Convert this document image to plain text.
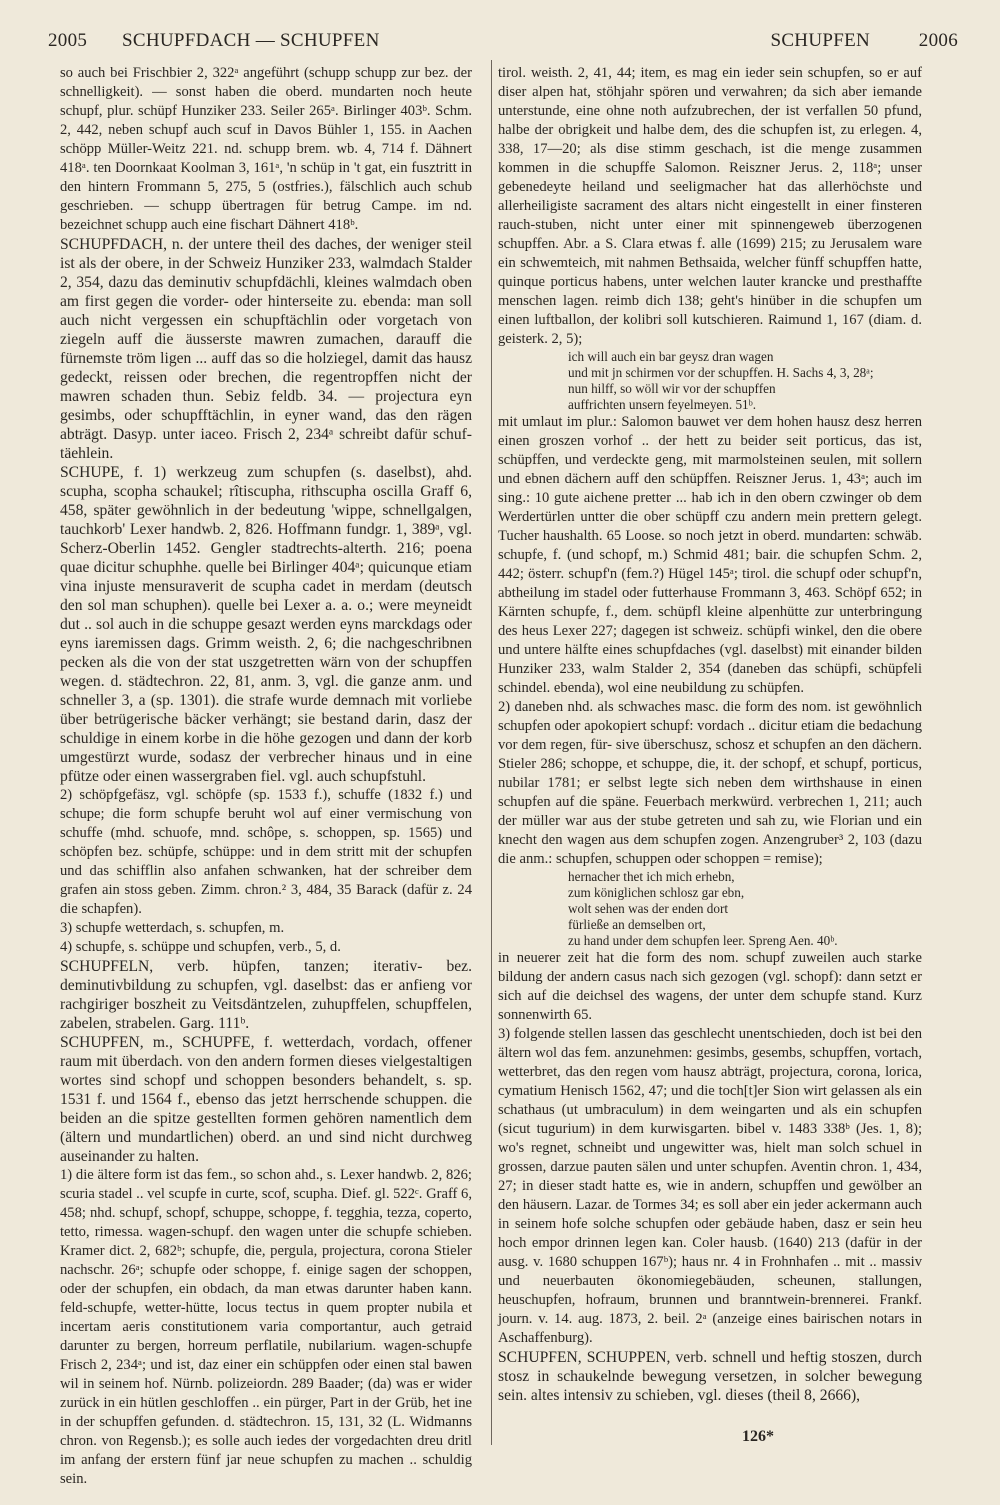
2005 SCHUPFDACH — SCHUPFEN	SCHUPFEN	2006

so auch bei Frischbier 2, 322ᵃ angeführt (schupp schupp zur bez. der schnelligkeit). — sonst haben die oberd. mundarten noch heute schupf, plur. schüpf Hunziker 233. Seiler 265ᵃ. Birlinger 403ᵇ. Schm. 2, 442, neben schupf auch scuf in Davos Bühler 1, 155. in Aachen schöpp Müller-Weitz 221. nd. schupp brem. wb. 4, 714 f. Dähnert 418ᵃ. ten Doornkaat Koolman 3, 161ᵃ, 'n schüp in 't gat, ein fusztritt in den hintern Frommann 5, 275, 5 (ostfries.), fälschlich auch schub geschrieben. — schupp übertragen für betrug Campe. im nd. bezeichnet schupp auch eine fischart Dähnert 418ᵇ.

SCHUPFDACH, n. der untere theil des daches, der weniger steil ist als der obere, in der Schweiz Hunziker 233, walmdach Stalder 2, 354, dazu das deminutiv schupfdächli, kleines walmdach oben am first gegen die vorder- oder hinterseite zu. ebenda: man soll auch nicht vergessen ein schupftächlin oder vorgetach von ziegeln auff die äusserste mawren zumachen, darauff die fürnemste tröm ligen ... auff das so die holziegel, damit das hausz gedeckt, reissen oder brechen, die regentropffen nicht der mawren schaden thun. Sebiz feldb. 34. — projectura eyn gesimbs, oder schupfftächlin, in eyner wand, das den rägen abträgt. Dasyp. unter iaceo. Frisch 2, 234ᵃ schreibt dafür schuf-täehlein.

SCHUPE, f. 1) werkzeug zum schupfen (s. daselbst), ahd. scupha, scopha schaukel; rîtiscupha, rithscupha oscilla Graff 6, 458, später gewöhnlich in der bedeutung 'wippe, schnellgalgen, tauchkorb' Lexer handwb. 2, 826. Hoffmann fundgr. 1, 389ᵃ, vgl. Scherz-Oberlin 1452. Gengler stadtrechts-alterth. 216; poena quae dicitur schuphhe. quelle bei Birlinger 404ᵃ; quicunque etiam vina injuste mensuraverit de scupha cadet in merdam (deutsch den sol man schuphen). quelle bei Lexer a. a. o.; were meyneidt dut .. sol auch in die schuppe gesazt werden eyns marckdags oder eyns iaremissen dags. Grimm weisth. 2, 6; die nachgeschribnen pecken als die von der stat uszgetretten wärn von der schupffen wegen. d. städtechron. 22, 81, anm. 3, vgl. die ganze anm. und schneller 3, a (sp. 1301). die strafe wurde demnach mit vorliebe über betrügerische bäcker verhängt; sie bestand darin, dasz der schuldige in einem korbe in die höhe gezogen und dann der korb umgestürzt wurde, sodasz der verbrecher hinaus und in eine pfütze oder einen wassergraben fiel. vgl. auch schupfstuhl.

2) schöpfgefäsz, vgl. schöpfe (sp. 1533 f.), schuffe (1832 f.) und schupe; die form schupfe beruht wol auf einer vermischung von schuffe (mhd. schuofe, mnd. schôpe, s. schoppen, sp. 1565) und schöpfen bez. schüpfe, schüppe: und in dem stritt mit der schupfen und das schifflin also anfahen schwanken, hat der schreiber dem grafen ain stoss geben. Zimm. chron.² 3, 484, 35 Barack (dafür z. 24 die schapfen).

3) schupfe wetterdach, s. schupfen, m.

4) schupfe, s. schüppe und schupfen, verb., 5, d.

SCHUPFELN, verb. hüpfen, tanzen; iterativ- bez. deminutivbildung zu schupfen, vgl. daselbst: das er anfieng vor rachgiriger boszheit zu Veitsdäntzelen, zuhupffelen, schupffelen, zabelen, strabelen. Garg. 111ᵇ.

SCHUPFEN, m., SCHUPFE, f. wetterdach, vordach, offener raum mit überdach. von den andern formen dieses vielgestaltigen wortes sind schopf und schoppen besonders behandelt, s. sp. 1531 f. und 1564 f., ebenso das jetzt herrschende schuppen. die beiden an die spitze gestellten formen gehören namentlich dem (ältern und mundartlichen) oberd. an und sind nicht durchweg auseinander zu halten.

1) die ältere form ist das fem., so schon ahd., s. Lexer handwb. 2, 826; scuria stadel .. vel scupfe in curte, scof, scupha. Dief. gl. 522ᶜ. Graff 6, 458; nhd. schupf, schopf, schuppe, schoppe, f. tegghia, tezza, coperto, tetto, rimessa. wagen-schupf. den wagen unter die schupfe schieben. Kramer dict. 2, 682ᵇ; schupfe, die, pergula, projectura, corona Stieler nachschr. 26ᵃ; schupfe oder schoppe, f. einige sagen der schoppen, oder der schupfen, ein obdach, da man etwas darunter haben kann. feld-schupfe, wetter-hütte, locus tectus in quem propter nubila et incertam aeris constitutionem varia comportantur, auch getraid darunter zu bergen, horreum perflatile, nubilarium. wagen-schupfe Frisch 2, 234ᵃ; und ist, daz einer ein schüppfen oder einen stal bawen wil in seinem hof. Nürnb. polizeiordn. 289 Baader; (da) was er wider zurück in ein hütlen geschloffen .. ein pürger, Part in der Grüb, het ine in der schupffen gefunden. d. städtechron. 15, 131, 32 (L. Widmanns chron. von Regensb.); es solle auch iedes der vorgedachten dreu dritl im anfang der erstern fünf jar neue schupfen zu machen .. schuldig sein.

tirol. weisth. 2, 41, 44; item, es mag ein ieder sein schupfen, so er auf diser alpen hat, stöhjahr spören und verwahren; da sich aber iemande unterstunde, eine ohne noth aufzubrechen, der ist verfallen 50 pfund, halbe der obrigkeit und halbe dem, des die schupfen ist, zu erlegen. 4, 338, 17—20; als dise stimm geschach, ist die menge zusammen kommen in die schupffe Salomon. Reiszner Jerus. 2, 118ᵃ; unser gebenedeyte heiland und seeligmacher hat das allerhöchste und allerheiligiste sacrament des altars nicht eingestellt in einer finsteren rauch-stuben, nicht unter einer mit spinnengeweb überzogenen schupffen. Abr. a S. Clara etwas f. alle (1699) 215; zu Jerusalem ware ein schwemteich, mit nahmen Bethsaida, welcher fünff schupffen hatte, quinque porticus habens, unter welchen lauter krancke und presthaffte menschen lagen. reimb dich 138; geht's hinüber in die schupfen um einen luftballon, der kolibri soll kutschieren. Raimund 1, 167 (diam. d. geisterk. 2, 5);

ich will auch ein bar geysz dran wagen
und mit jn schirmen vor der schupffen. H. Sachs 4, 3, 28ᵃ;
nun hilff, so wöll wir vor der schupffen
auffrichten unsern feyelmeyen. 51ᵇ.

mit umlaut im plur.: Salomon bauwet ver dem hohen hausz desz herren einen groszen vorhof .. der hett zu beider seit porticus, das ist, schüpffen, und verdeckte geng, mit marmolsteinen seulen, mit sollern und ebnen dächern auff den schüpffen. Reiszner Jerus. 1, 43ᵃ; auch im sing.: 10 gute aichene pretter ... hab ich in den obern czwinger ob dem Werdertürlen untter die ober schüpff czu andern mein prettern gelegt. Tucher haushalth. 65 Loose. so noch jetzt in oberd. mundarten: schwäb. schupfe, f. (und schopf, m.) Schmid 481; bair. die schupfen Schm. 2, 442; österr. schupf'n (fem.?) Hügel 145ᵃ; tirol. die schupf oder schupf'n, abtheilung im stadel oder futterhause Frommann 3, 463. Schöpf 652; in Kärnten schupfe, f., dem. schüpfl kleine alpenhütte zur unterbringung des heus Lexer 227; dagegen ist schweiz. schüpfi winkel, den die obere und untere hälfte eines schupfdaches (vgl. daselbst) mit einander bilden Hunziker 233, walm Stalder 2, 354 (daneben das schüpfi, schüpfeli schindel. ebenda), wol eine neubildung zu schüpfen.

2) daneben nhd. als schwaches masc. die form des nom. ist gewöhnlich schupfen oder apokopiert schupf: vordach .. dicitur etiam die bedachung vor dem regen, für- sive überschusz, schosz et schupfen an den dächern. Stieler 286; schoppe, et schuppe, die, it. der schopf, et schupf, porticus, nubilar 1781; er selbst legte sich neben dem wirthshause in einen schupfen auf die späne. Feuerbach merkwürd. verbrechen 1, 211; auch der müller war aus der stube getreten und sah zu, wie Florian und ein knecht den wagen aus dem schupfen zogen. Anzengruber³ 2, 103 (dazu die anm.: schupfen, schuppen oder schoppen = remise);

hernacher thet ich mich erhebn,
zum königlichen schlosz gar ebn,
wolt sehen was der enden dort
fürließe an demselben ort,
zu hand under dem schupfen leer. Spreng Aen. 40ᵇ.

in neuerer zeit hat die form des nom. schupf zuweilen auch starke bildung der andern casus nach sich gezogen (vgl. schopf): dann setzt er sich auf die deichsel des wagens, der unter dem schupfe stand. Kurz sonnenwirth 65.

3) folgende stellen lassen das geschlecht unentschieden, doch ist bei den ältern wol das fem. anzunehmen: gesimbs, gesembs, schupffen, vortach, wetterbret, das den regen vom hausz abträgt, projectura, corona, lorica, cymatium Henisch 1562, 47; und die toch[t]er Sion wirt gelassen als ein schathaus (ut umbraculum) in dem weingarten und als ein schupfen (sicut tugurium) in dem kurwisgarten. bibel v. 1483 338ᵇ (Jes. 1, 8); wo's regnet, schneibt und ungewitter was, hielt man solch schuel in grossen, darzue pauten sälen und unter schupfen. Aventin chron. 1, 434, 27; in dieser stadt hatte es, wie in andern, schupffen und gewölber an den häusern. Lazar. de Tormes 34; es soll aber ein jeder ackermann auch in seinem hofe solche schupfen oder gebäude haben, dasz er sein heu hoch empor drinnen legen kan. Coler hausb. (1640) 213 (dafür in der ausg. v. 1680 schuppen 167ᵇ); haus nr. 4 in Frohnhafen .. mit .. massiv und neuerbauten ökonomiegebäuden, scheunen, stallungen, heuschupfen, hofraum, brunnen und branntwein-brennerei. Frankf. journ. v. 14. aug. 1873, 2. beil. 2ᵃ (anzeige eines bairischen notars in Aschaffenburg).

SCHUPFEN, SCHUPPEN, verb. schnell und heftig stoszen, durch stosz in schaukelnde bewegung versetzen, in solcher bewegung sein. altes intensiv zu schieben, vgl. dieses (theil 8, 2666),

126*
